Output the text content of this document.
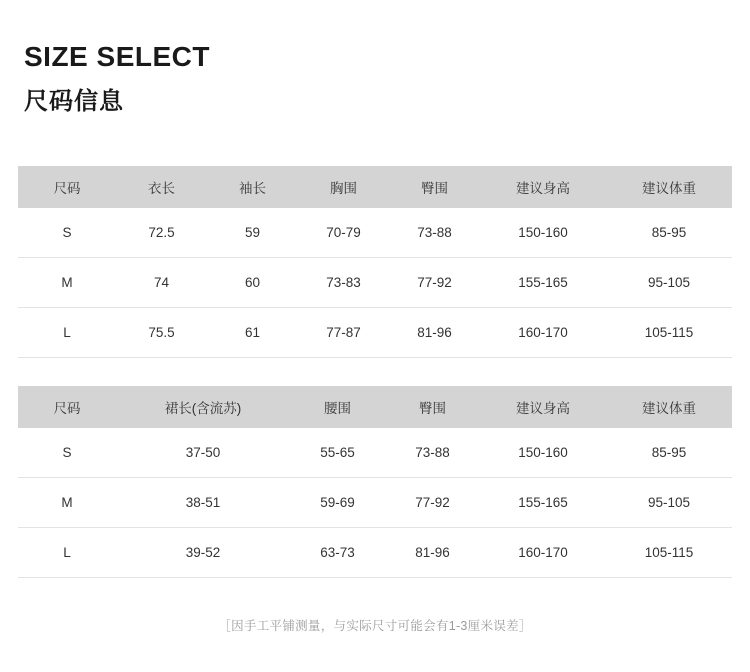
SIZE SELECT
尺码信息
尺码	衣长	袖长	胸围	臀围	建议身高	建议体重
S	72.5	59	70-79	73-88	150-160	85-95
M	74	60	73-83	77-92	155-165	95-105
L	75.5	61	77-87	81-96	160-170	105-115
尺码	裙长(含流苏)	腰围	臀围	建议身高	建议体重
S	37-50	55-65	73-88	150-160	85-95
M	38-51	59-69	77-92	155-165	95-105
L	39-52	63-73	81-96	160-170	105-115
［因手工平铺测量，与实际尺寸可能会有1-3厘米误差］
